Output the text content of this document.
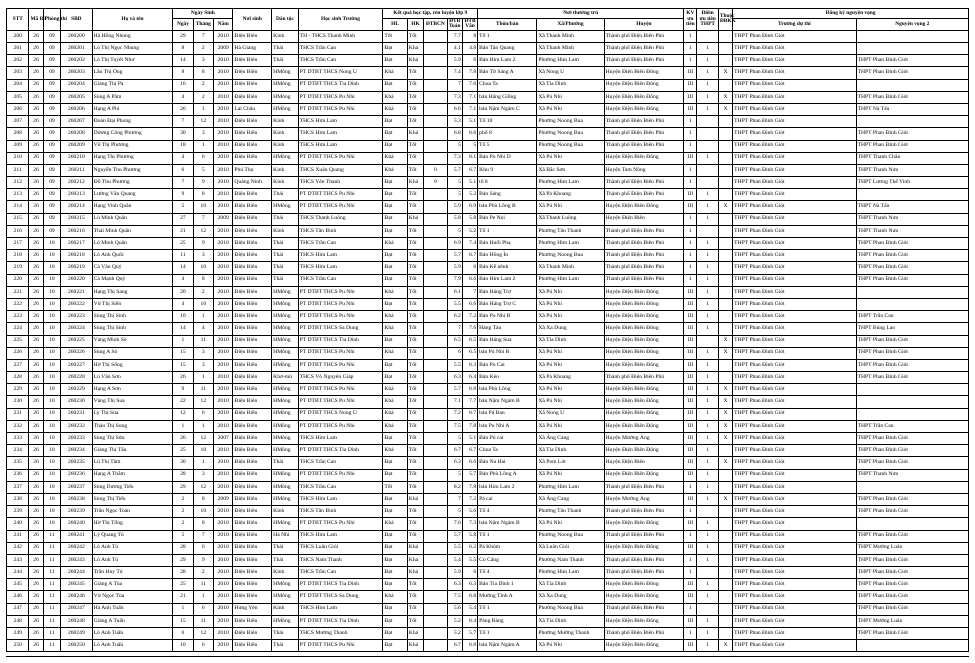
STT	Mã ĐT	Phòng thi	SBD	Họ và tên	Ngày Sinh			Nơi sinh	Dân tộc	Học sinh Trường	Kết quả học tập, rèn luyện lớp 9					Nơi thường trú			KV ưu tiên	Điểm ưu tiên THPT	Thuộc ĐBKK	Đăng ký nguyện vọng	
					Ngày	Tháng	Năm				HL	HK	ĐTBCN	ĐTB Toán	ĐTB Văn	Thôn/bản	Xã/Phường	Huyện				Trường dự thi	Nguyện vọng 2
200	26	09	260200	Hà Hồng Nhung	29	7	2010	Điện Biên	Kinh	TH - THCS Thanh Minh	Tốt	Tốt		7.7	8	Tổ 1	Xã Thanh Minh	Thành phố Điện Biên Phủ	1			THPT Phan Đình Giót	
201	26	09	260201	Lò Thị Ngọc Nhung	8	2	2009	Hà Giang	Thái	THCS Trần Can	Đạt	Khá		4.1	4.8	Bản Tân Quang	Xã Thanh Minh	Thành phố Điện Biên Phủ	1	1		THPT Phan Đình Giót	
202	26	09	260202	Lò Thị Tuyết Như	14	3	2010	Điện Biên	Thái	THCS Trần Can	Đạt	Khá		5.9	6	Bản Him Lam 2	Phường Him Lam	Thành phố Điện Biên Phủ	1	1		THPT Phan Đình Giót	THPT Phan Đình Giót
203	26	09	260203	Lầu Thị Ong	8	8	2010	Điện Biên	HMông	PT DTBT THCS Nong U	Khá	Tốt		7.4	7.8	Bản Từ Sáng A	Xã Nong U	Huyện Điện Biên Đông	III	1	X	THPT Phan Đình Giót	THPT Phan Đình Giót
204	26	09	260204	Giàng Thị Pà	16	2	2010	Điện Biên	HMông	PT DTBT THCS Tìa Dình	Đạt	Tốt		7	7.6	Chua Ta	Xã Tìa Dình	Huyện Điện Biên Đông	III	1		THPT Phan Đình Giót	
205	26	09	260205	Sùng A Pằm	4	2	2010	Điện Biên	HMông	PT DTBT THCS Pu Nhi	Khá	Tốt		7.3	7.1	bản Háng Giồng	Xã Pú Nhi	Huyện Điện Biên Đông	III	1	X	THPT Phan Đình Giót	THPT Phan Đình Giót
206	26	09	260206	Hạng A Phi	26	1	2010	Lai Châu	HMông	PT DTBT THCS Pu Nhi	Khá	Tốt		6.6	7.1	bản Nậm Ngám C	Xã Pú Nhi	Huyện Điện Biên Đông	III	1	X	THPT Phan Đình Giót	THPT Nà Tấu
207	26	09	260207	Đoàn Đại Phong	7	12	2010	Điện Biên	Kinh	THCS Him Lam	Đạt	Tốt		5.3	5.1	Tổ 10	Phường Noong Bua	Thành phố Điện Biên Phủ	1			THPT Phan Đình Giót	
208	26	09	260208	Dương Công Phương	30	3	2010	Điện Biên	Kinh	THCS Him Lam	Đạt	Khá		6.8	6.6	phố 8	Phường Noong Bua	Thành phố Điện Biên Phủ	1			THPT Phan Đình Giót	THPT Phan Đình Giót
209	26	09	260209	Vũ Thị Phương	18	1	2010	Điện Biên	Kinh	THCS Him Lam	Đạt	Tốt		5	5	Tổ 5	Phường Noong Bua	Thành phố Điện Biên Phủ	1			THPT Phan Đình Giót	THPT Phan Đình Giót
210	26	09	260210	Hạng Thị Phương	4	6	2010	Điện Biên	HMông	PT DTBT THCS Pu Nhi	Khá	Tốt		7.3	8.1	Bản Pu Nhi D	Xã Pú Nhi	Huyện Điện Biên Đông	III	1		THPT Phan Đình Giót	THPT Thanh Chăn
211	26	09	260211	Nguyễn Thu Phương	6	5	2010	Phú Thọ	Kinh	THCS Xuân Quang	Khá	Tốt	0	5.7	6.7	Khu 9	Xã Bắc Sơn	Huyện Tam Nông	1			THPT Phan Đình Giót	THPT Thanh Nưa
212	26	09	260212	Đỗ Thu Phương	7	9	2010	Quảng Ninh	Kinh	THCS Yên Thanh	Đạt	Khá	0	5	5.1	tổ 8	Phường Him Lam	Thành phố Điện Biên Phủ	1			THPT Phan Đình Giót	THPT Lương Thế Vinh
213	26	09	260213	Lường Văn Quang	9	8	2010	Điện Biên	Thái	PT DTBT THCS Pu Nhi	Đạt	Tốt		5	5.2	Bản Sáng	Xã Pà Khoang	Thành phố Điện Biên Phủ	III	1		THPT Phan Đình Giót	
214	26	09	260214	Hạng Vinh Quân	5	10	2010	Điện Biên	HMông	PT DTBT THCS Pu Nhi	Đạt	Tốt		5.9	6.9	bản Phù Lồng B	Xã Pú Nhi	Huyện Điện Biên Đông	III	1	X	THPT Phan Đình Giót	THPT Nà Tấu
215	26	09	260215	Lù Minh Quân	27	7	2009	Điện Biên	Thái	THCS Thanh Luông	Đạt	Khá		5.8	5.8	Bản Pe Nọi	Xã Thanh Luông	Huyện Điện Biên	1	1		THPT Phan Đình Giót	THPT Thanh Nưa
216	26	09	260216	Thái Minh Quân	21	12	2010	Điện Biên	Kinh	THCS Tân Bình	Đạt	Tốt		5	5.2	Tổ 1	Phường Tân Thanh	Thành phố Điện Biên Phủ	1			THPT Phan Đình Giót	THPT Thanh Nưa
217	26	10	260217	Lò Minh Quân	25	9	2010	Điện Biên	Thái	THCS Trần Can	Khá	Tốt		6.9	7.4	Bản Huổi Phạ	Phường Him Lam	Thành phố Điện Biên Phủ	1	1		THPT Phan Đình Giót	THPT Phan Đình Giót
218	26	10	260218	Lò Anh Quốc	11	3	2010	Điện Biên	Thái	THCS Him Lam	Đạt	Tốt		5.7	6.7	Bản Hồng Ìn	Phường Noong Bua	Thành phố Điện Biên Phủ	1	1		THPT Phan Đình Giót	THPT Phan Đình Giót
219	26	10	260219	Cà Văn Quý	14	10	2010	Điện Biên	Thái	THCS Him Lam	Đạt	Tốt		5.9	6	Bản Kế nênh	Xã Thanh Minh	Thành phố Điện Biên Phủ	1	1		THPT Phan Đình Giót	THPT Phan Đình Giót
220	26	10	260220	Cà Mạnh Quý	4	8	2010	Điện Biên	Thái	THCS Trần Can	Đạt	Tốt		7.9	6.6	Bản Him Lam 2	Phường Him Lam	Thành phố Điện Biên Phủ	1	1		THPT Phan Đình Giót	THPT Phan Đình Giót
221	26	10	260221	Hạng Thị Sang	20	2	2010	Điện Biên	HMông	PT DTBT THCS Pu Nhi	Khá	Tốt		6.1	7	Bản Háng Trợ	Xã Pú Nhi	Huyện Điện Biên Đông	III	1		THPT Phan Đình Giót	
222	26	10	260222	Vừ Thị Siến	4	10	2010	Điện Biên	HMông	PT DTBT THCS Pu Nhi	Đạt	Tốt		5.5	6.6	Bản Háng Trợ C	Xã Pú Nhi	Huyện Điện Biên Đông	III	1		THPT Phan Đình Giót	
223	26	10	260223	Sùng Thị Sinh	10	1	2010	Điện Biên	HMông	PT DTBT THCS Pu Nhi	Khá	Tốt		6.2	7.2	Bản Pu Nhi B	Xã Pú Nhi	Huyện Điện Biên Đông	III	1		THPT Phan Đình Giót	THPT Trần Can
224	26	10	260224	Sùng Thị Sinh	14	4	2010	Điện Biên	HMông	PT DTBT THCS Sa Dung	Khá	Tốt		7	7.6	Hàng Tàu	Xã Xa Dung	Huyện Điện Biên Đông	III	1		THPT Phan Đình Giót	THPT Búng Lao
225	26	10	260225	Vàng Minh Sò	1	11	2010	Điện Biên	HMông	PT DTBT THCS Tìa Dình	Đạt	Tốt		6.5	6.5	Bản Háng Sua	Xã Tìa Dình	Huyện Điện Biên Đông	III		X	THPT Phan Đình Giót	THPT Phan Đình Giót
226	26	10	260226	Sùng A Sò	15	3	2010	Điện Biên	HMông	PT DTBT THCS Pu Nhi	Khá	Tốt		6	6.5	bản Pú Nhi B	Xã Pú Nhi	Huyện Điện Biên Đông	III	1	X	THPT Phan Đình Giót	THPT Phan Đình Giót
227	26	10	260227	Hờ Thị Sống	15	3	2010	Điện Biên	HMông	PT DTBT THCS Pu Nhi	Đạt	Tốt		5.5	6.3	Bản Pu Cai	Xã Pú Nhi	Huyện Điện Biên Đông	III	1		THPT Phan Đình Giót	THPT Phan Đình Giót
228	26	10	260228	Lù Văn Sơn	26	1	2010	Điện Biên	Khơ-mú	THCS Võ Nguyên Giáp	Đạt	Tốt		6.3	6.4	Bản Kéo	Xã Pà Khoang	Thành phố Điện Biên Phủ	III	1		THPT Phan Đình Giót	THPT Phan Đình Giót
229	26	10	260229	Hạng A Sơn	9	11	2010	Điện Biên	HMông	PT DTBT THCS Pu Nhi	Khá	Tốt		5.7	6.8	bản Phù Lồng	Xã Pú Nhi	Huyện Điện Biên Đông	III	1	X	THPT Phan Đình Giót	
230	26	10	260230	Vàng Thị Sua	22	12	2010	Điện Biên	HMông	PT DTBT THCS Pu Nhi	Khá	Tốt		7.1	7.7	bản Nậm Ngám B	Xã Pú Nhi	Huyện Điện Biên Đông	III	1	X	THPT Phan Đình Giót	
231	26	10	260231	Ly Thị Súa	12	6	2010	Điện Biên	HMông	PT DTBT THCS Nong U	Khá	Tốt		7.2	6.7	bản Pá Ban	Xã Nong U	Huyện Điện Biên Đông	III	1	X	THPT Phan Đình Giót	
232	26	10	260232	Thào Thị Sung	1	1	2010	Điện Biên	HMông	PT DTBT THCS Pu Nhi	Khá	Tốt		7.5	7.8	bản Pu Nhi A	Xã Pú Nhi	Huyện Điện Biên Đông	III	1	X	THPT Phan Đình Giót	THPT Trần Can
233	26	10	260233	Sùng Thị Sửu	26	12	2007	Điện Biên	HMông	THCS Him Lam	Đạt	Tốt		5	5.1	Bản Pú cai	Xã Áng Cang	Huyện Mường Ảng	III	1	X	THPT Phan Đình Giót	THPT Phan Đình Giót
234	26	10	260234	Giàng Thị Tấu	25	10	2010	Điện Biên	HMông	PT DTBT THCS Tìa Dình	Khá	Tốt		6.7	6.7	Chua Ta	Xã Tìa Dình	Huyện Điện Biên Đông	III	1		THPT Phan Đình Giót	THPT Phan Đình Giót
235	26	10	260235	Lù Thị Tâm	30	1	2010	Điện Biên	Thái	THCS Trần Can	Đạt	Tốt		6.3	6.6	Bản Na Hai	Xã Pom Lót	Huyện Điện Biên	III	1	X	THPT Phan Đình Giót	THPT Phan Đình Giót
236	26	10	260236	Hạng A Thắm	28	3	2010	Điện Biên	HMông	PT DTBT THCS Pu Nhi	Đạt	Tốt		5	5.7	Bản Phù Lồng A	Xã Pú Nhi	Huyện Điện Biên Đông	III	1		THPT Phan Đình Giót	THPT Thanh Nưa
237	26	10	260237	Sùng Dương Tiến	29	12	2010	Điện Biên	HMông	THCS Trần Can	Tốt	Tốt		8.2	7.8	bản Him Lam 2	Phường Him Lam	Thành phố Điện Biên Phủ	1	1		THPT Phan Đình Giót	
238	26	10	260238	Sùng Thị Tiến	2	8	2009	Điện Biên	HMông	THCS Him Lam	Đạt	Khá		7	7.2	Pá cai	Xã Áng Cang	Huyện Mường Ảng	III	1	X	THPT Phan Đình Giót	THPT Phan Đình Giót
239	26	10	260239	Trần Ngọc Toản	2	10	2010	Điện Biên	Kinh	THCS Tân Bình	Đạt	Tốt		5	5.6	Tổ 4	Phường Tân Thanh	Thành phố Điện Biên Phủ	1			THPT Phan Đình Giót	THPT Phan Đình Giót
240	26	10	260240	Hờ Thị Tống	2	8	2010	Điện Biên	HMông	PT DTBT THCS Pu Nhi	Khá	Tốt		7.6	7.3	bản Nậm Ngám B	Xã Pú Nhi	Huyện Điện Biên Đông	III	1		THPT Phan Đình Giót	
241	26	11	260241	Lý Quang Tú	5	7	2010	Điện Biên	Hà Nhì	THCS Him Lam	Đạt	Tốt		5.7	5.8	Tổ 1	Phường Noong Bua	Thành phố Điện Biên Phủ	1	1		THPT Phan Đình Giót	THPT Phan Đình Giót
242	26	11	260242	Lò Anh Tú	28	6	2010	Điện Biên	Thái	THCS Luân Giói	Đạt	Khá		5.5	6.2	Pá Khôm	Xã Luân Giói	Huyện Điện Biên Đông	III	1		THPT Phan Đình Giót	THPT Mường Luân
243	26	11	260243	Lò Anh Tú	29	9	2010	Điện Biên	Thái	THCS Nam Thanh	Đạt	Khá		5.4	5.5	Co Cáng	Phường Nam Thanh	Thành phố Điện Biên Phủ	1	1		THPT Phan Đình Giót	THPT Phan Đình Giót
244	26	11	260244	Trần Huy Tú	28	2	2010	Điện Biên	Kinh	THCS Trần Can	Đạt	Khá		5.9	6	Tổ 4	Phường Him Lam	Thành phố Điện Biên Phủ	1			THPT Phan Đình Giót	THPT Phan Đình Giót
245	26	11	260245	Giàng A Tùa	25	11	2010	Điện Biên	HMông	PT DTBT THCS Tìa Dình	Đạt	Tốt		6.3	6.3	Bản Tìa Dình 1	Xã Tìa Dình	Huyện Điện Biên Đông	III	1		THPT Phan Đình Giót	THPT Phan Đình Giót
246	26	11	260246	Vừ Ngọc Tùa	21	1	2010	Điện Biên	HMông	PT DTBT THCS Sa Dung	Khá	Tốt		7.5	6.8	Mường Tỉnh A	Xã Xa Dung	Huyện Điện Biên Đông	III	1		THPT Phan Đình Giót	THPT Phan Đình Giót
247	26	11	260247	Hà Anh Tuấn	1	6	2010	Hưng Yên	Kinh	THCS Him Lam	Đạt	Tốt		5.6	5.4	Tổ 1	Phường Noong Bua	Thành phố Điện Biên Phủ	1			THPT Phan Đình Giót	THPT Phan Đình Giót
248	26	11	260248	Giàng A Tuấn	15	11	2010	Điện Biên	HMông	PT DTBT THCS Tìa Dình	Đạt	Tốt		5.2	6.4	Pàng Bàng	Xã Tìa Dình	Huyện Điện Biên Đông	III	1		THPT Phan Đình Giót	THPT Mường Luân
249	26	11	260249	Lò Anh Tuấn	6	12	2010	Điện Biên	Thái	THCS Mường Thanh	Đạt	Khá		5.2	5.7	Tổ 1	Phường Mường Thanh	Thành phố Điện Biên Phủ	1	1		THPT Phan Đình Giót	THPT Phan Đình Giót
250	26	11	260250	Lò Anh Tuấn	10	6	2010	Điện Biên	Thái	PT DTBT THCS Pu Nhi	Đạt	Khá		6.7	6.8	bản Nậm Ngám A	Xã Pú Nhi	Huyện Điện Biên Đông	III	1	X	THPT Phan Đình Giót	
